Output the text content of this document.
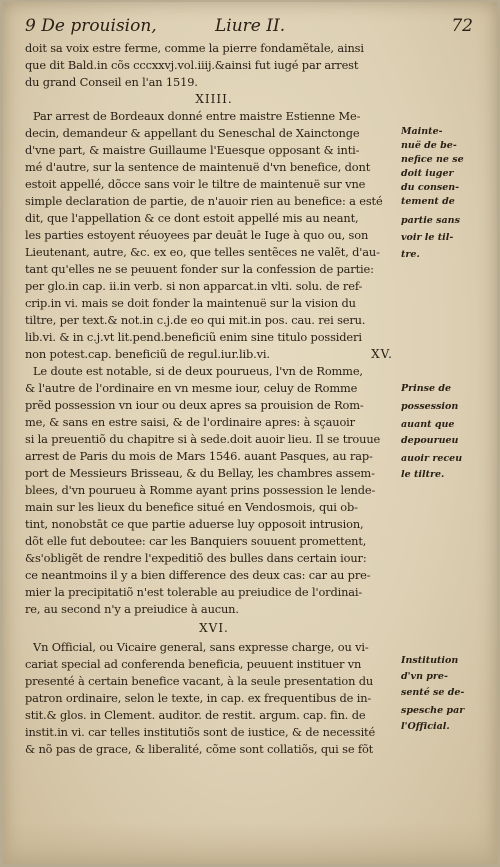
9 De prouision,	Liure II.	72
doit sa voix estre ferme, comme la pierre fondamẽtale, ainsi
que dit Bald.in cõs cccxxvj.vol.iiij.&ainsi fut iugé par arrest
du grand Conseil en l'an 1519.
XIIII.
Par arrest de Bordeaux donné entre maistre Estienne Me-
decin, demandeur & appellant du Seneschal de Xainctonge
d'vne part, & maistre Guillaume l'Euesque opposant & inti-
mé d'autre, sur la sentence de maintenuë d'vn benefice, dont
estoit appellé, dõcce sans voir le tiltre de maintenuë sur vne
simple declaration de partie, de n'auoir rien au benefice: a esté
dit, que l'appellation & ce dont estoit appellé mis au neant,
les parties estoyent réuoyees par deuāt le Iuge à quo ou, son
Lieutenant, autre, &c. ex eo, que telles sentẽces ne valẽt, d'au-
tant qu'elles ne se peuuent fonder sur la confession de partie:
per glo.in cap. ii.in verb. si non apparcat.in vlti. solu. de ref-
crip.in vi. mais se doit fonder la maintenuë sur la vision du
tiltre, per text.& not.in c.j.de eo qui mit.in pos. cau. rei seru.
lib.vi. & in c.j.vt lit.pend.beneficiũ enim sine titulo possideri
non potest.cap. beneficiũ de regul.iur.lib.vi.	XV.
Le doute est notable, si de deux pourueus, l'vn de Romme,
& l'autre de l'ordinaire en vn mesme iour, celuy de Romme
prẽd possession vn iour ou deux apres sa prouision de Rom-
me, & sans en estre saisi, & de l'ordinaire apres: à sçauoir
si la preuentiõ du chapitre si à sede.doit auoir lieu. Il se trouue
arrest de Paris du mois de Mars 1546. auant Pasques, au rap-
port de Messieurs Brisseau, & du Bellay, les chambres assem-
blees, d'vn pourueu à Romme ayant prins possession le lende-
main sur les lieux du benefice situé en Vendosmois, qui ob-
tint, nonobstāt ce que partie aduerse luy opposoit intrusion,
dõt elle fut deboutee: car les Banquiers souuent promettent,
&s'obligẽt de rendre l'expeditiõ des bulles dans certain iour:
ce neantmoins il y a bien difference des deux cas: car au pre-
mier la precipitatiõ n'est tolerable au preiudice de l'ordinai-
re, au second n'y a preiudice à aucun.
XVI.
Vn Official, ou Vicaire general, sans expresse charge, ou vi-
cariat special ad conferenda beneficia, peuuent instituer vn
presenté à certain benefice vacant, à la seule presentation du
patron ordinaire, selon le texte, in cap. ex frequentibus de in-
stit.& glos. in Clement. auditor. de restit. argum. cap. fin. de
instit.in vi. car telles institutiõs sont de iustice, & de necessité
& nõ pas de grace, & liberalité, cõme sont collatiõs, qui se fõt
Mainte-
nuë de be-
nefice ne se
doit iuger
du consen-
tement de
partie sans
voir le til-
tre.
Prinse de
possession
auant que
depourueu
auoir receu
le tiltre.
Institution
d'vn pre-
senté se de-
spesche par
l'Official.
